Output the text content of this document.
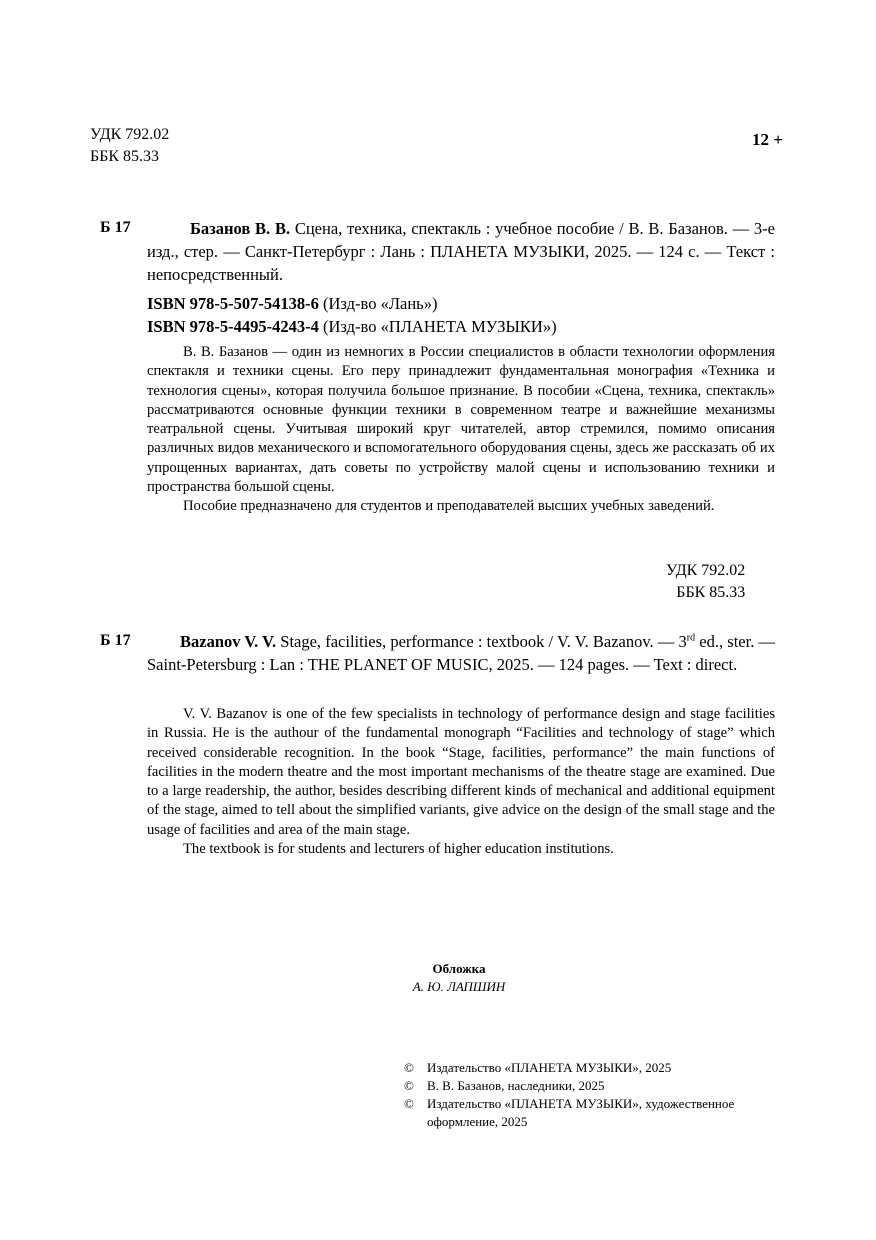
УДК 792.02
ББК 85.33
12 +
Б 17	Базанов В. В. Сцена, техника, спектакль : учебное пособие / В. В. Базанов. — 3-е изд., стер. — Санкт-Петербург : Лань : ПЛАНЕТА МУЗЫКИ, 2025. — 124 с. — Текст : непосредственный.

ISBN 978-5-507-54138-6 (Изд-во «Лань»)
ISBN 978-5-4495-4243-4 (Изд-во «ПЛАНЕТА МУЗЫКИ»)

В. В. Базанов — один из немногих в России специалистов в области технологии оформления спектакля и техники сцены. Его перу принадлежит фундаментальная монография «Техника и технология сцены», которая получила большое признание. В пособии «Сцена, техника, спектакль» рассматриваются основные функции техники в современном театре и важнейшие механизмы театральной сцены. Учитывая широкий круг читателей, автор стремился, помимо описания различных видов механического и вспомогательного оборудования сцены, здесь же рассказать об их упрощенных вариантах, дать советы по устройству малой сцены и использованию техники и пространства большой сцены.

Пособие предназначено для студентов и преподавателей высших учебных заведений.

УДК 792.02
ББК 85.33
Б 17	Bazanov V. V. Stage, facilities, performance : textbook / V. V. Bazanov. — 3rd ed., ster. — Saint-Petersburg : Lan : THE PLANET OF MUSIC, 2025. — 124 pages. — Text : direct.

V. V. Bazanov is one of the few specialists in technology of performance design and stage facilities in Russia. He is the authour of the fundamental monograph “Facilities and technology of stage” which received considerable recognition. In the book “Stage, facilities, performance” the main functions of facilities in the modern theatre and the most important mechanisms of the theatre stage are examined. Due to a large readership, the author, besides describing different kinds of mechanical and additional equipment of the stage, aimed to tell about the simplified variants, give advice on the design of the small stage and the usage of facilities and area of the main stage.

The textbook is for students and lecturers of higher education institutions.

Обложка
А. Ю. ЛАПШИН
©	Издательство «ПЛАНЕТА МУЗЫКИ», 2025
©	В. В. Базанов, наследники, 2025
©	Издательство «ПЛАНЕТА МУЗЫКИ», художественное оформление, 2025
